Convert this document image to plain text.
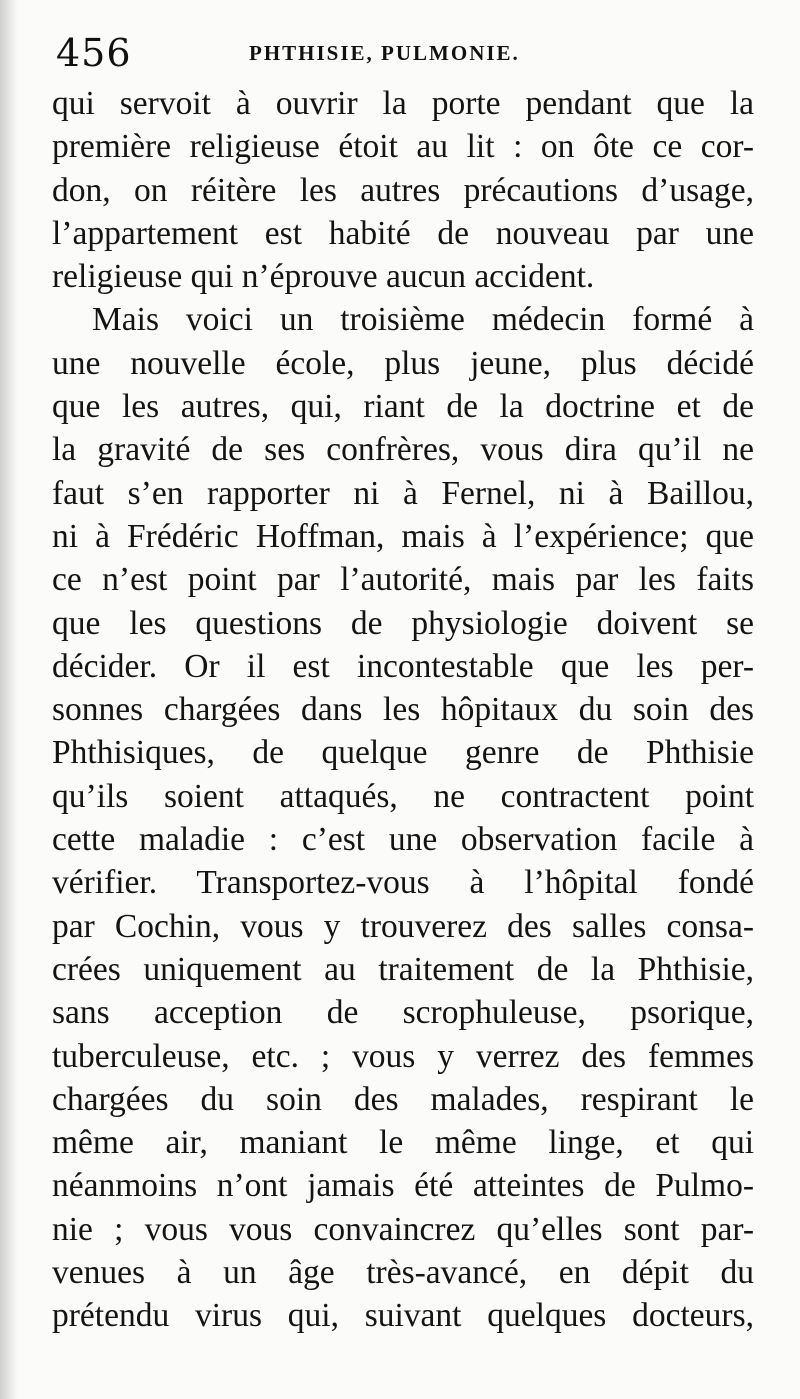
456	PHTHISIE, PULMONIE.
qui servoit à ouvrir la porte pendant que la
première religieuse étoit au lit : on ôte ce cor-
don, on réitère les autres précautions d’usage,
l’appartement est habité de nouveau par une
religieuse qui n’éprouve aucun accident.
Mais voici un troisième médecin formé à
une nouvelle école, plus jeune, plus décidé
que les autres, qui, riant de la doctrine et de
la gravité de ses confrères, vous dira qu’il ne
faut s’en rapporter ni à Fernel, ni à Baillou,
ni à Frédéric Hoffman, mais à l’expérience; que
ce n’est point par l’autorité, mais par les faits
que les questions de physiologie doivent se
décider. Or il est incontestable que les per-
sonnes chargées dans les hôpitaux du soin des
Phthisiques, de quelque genre de Phthisie
qu’ils soient attaqués, ne contractent point
cette maladie : c’est une observation facile à
vérifier. Transportez-vous à l’hôpital fondé
par Cochin, vous y trouverez des salles consa-
crées uniquement au traitement de la Phthisie,
sans acception de scrophuleuse, psorique,
tuberculeuse, etc. ; vous y verrez des femmes
chargées du soin des malades, respirant le
même air, maniant le même linge, et qui
néanmoins n’ont jamais été atteintes de Pulmo-
nie ; vous vous convaincrez qu’elles sont par-
venues à un âge très-avancé, en dépit du
prétendu virus qui, suivant quelques docteurs,
